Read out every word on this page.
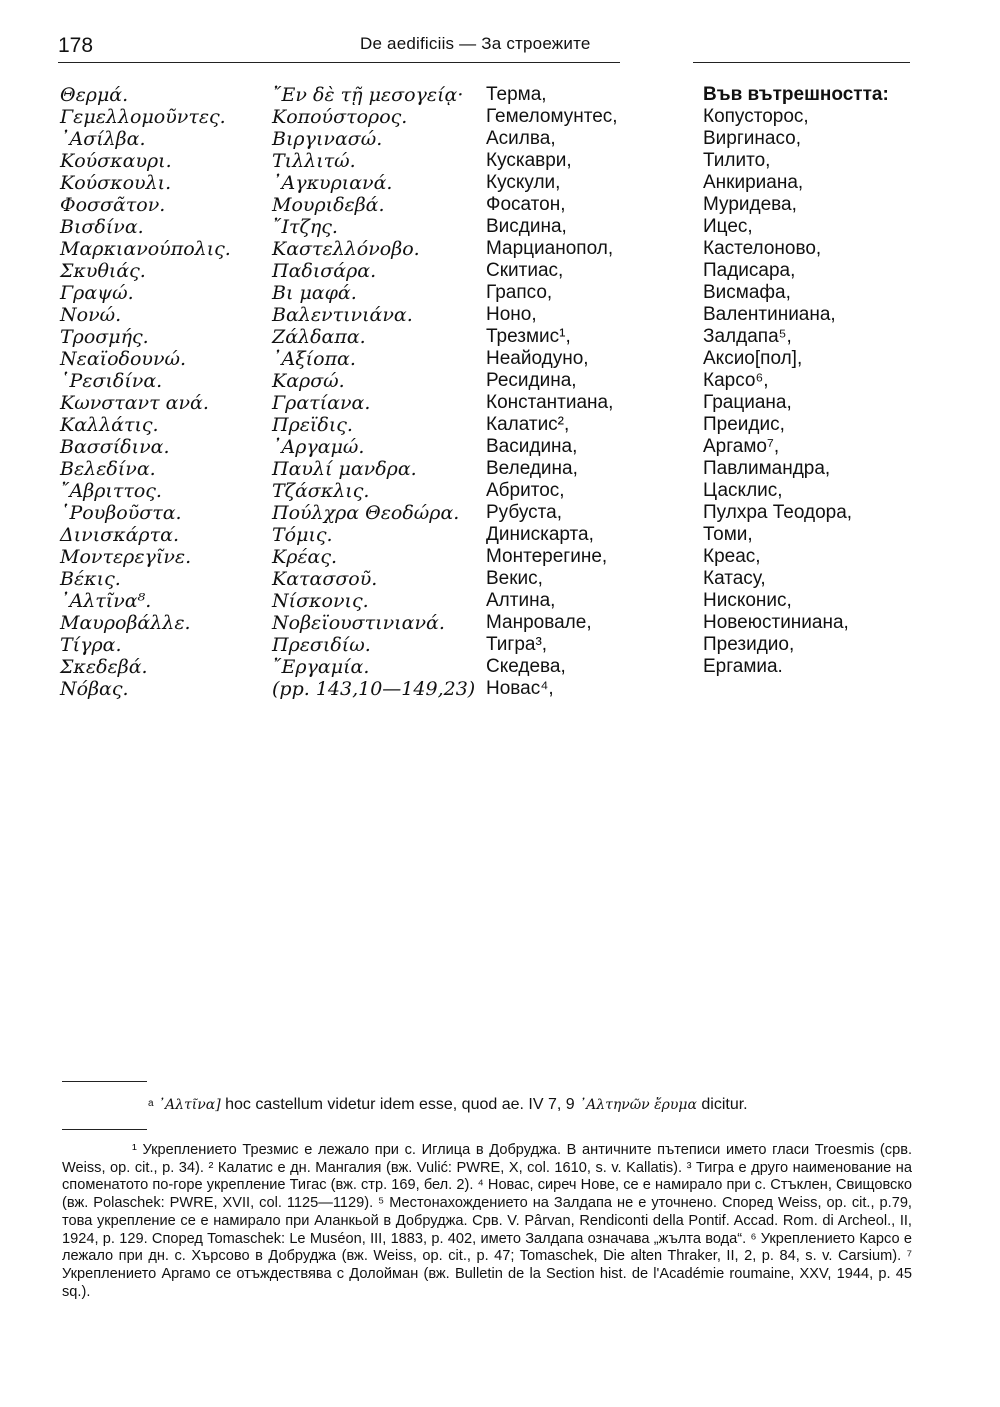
178	De aedificiis — За строежите
Θερμά.
Γεμελλομοῦντες.
᾿Ασίλβα.
Κούσκαυρι.
Κούσκουλι.
Φοσσᾶτον.
Βισδίνα.
Μαρκιανούπολις.
Σκυθιάς.
Γραψώ.
Νονώ.
Τροσμής.
Νεαϊοδουνώ.
῾Ρεσιδίνα.
Κωνσταντ ανά.
Καλλάτις.
Βασσίδινα.
Βελεδίνα.
῎Αβριττος.
῾Ρουβοῦστα.
Δινισκάρτα.
Μοντερεγῖνε.
Βέκις.
᾿Αλτῖνα⁸.
Μαυροβάλλε.
Τίγρα.
Σκεδεβά.
Νόβας.
῎Εν δὲ τῇ μεσογείᾳ·
Κοπούστορος.
Βιργινασώ.
Τιλλιτώ.
᾿Αγκυριανά.
Μουριδεβά.
῎Ιτζης.
Καστελλόνοβο.
Παδισάρα.
Βι μαφά.
Βαλεντινιάνα.
Ζάλδαπα.
᾿Αξίοπα.
Καρσώ.
Γρατίανα.
Πρεϊδις.
᾿Αργαμώ.
Παυλί μανδρα.
Τζάσκλις.
Πούλχρα Θεοδώρα.
Τόμις.
Κρέας.
Κατασσοῦ.
Νίσκονις.
Νοβεϊουστινιανά.
Πρεσιδίω.
῎Εργαμία.
(pp. 143,10—149,23)
Терма,
Гемеломунтес,
Асилва,
Кускаври,
Кускули,
Фосатон,
Висдина,
Марцианопол,
Скитиас,
Грапсо,
Ноно,
Трезмис¹,
Неайодуно,
Ресидина,
Константиана,
Калатис²,
Васидина,
Веледина,
Абритос,
Рубуста,
Динискарта,
Монтерегине,
Векис,
Алтина,
Манровале,
Тигра³,
Скедева,
Новас⁴,
Във вътрешността:
Копусторос,
Виргинасо,
Тилито,
Анкириана,
Муридева,
Ицес,
Кастелоново,
Падисара,
Висмафа,
Валентиниана,
Залдапа⁵,
Аксио[пол],
Карсо⁶,
Грациана,
Преидис,
Аргамо⁷,
Павлимандра,
Цасклис,
Пулхра Теодора,
Томи,
Креас,
Катасу,
Нисконис,
Новеюстиниана,
Президио,
Ергамиа.
a ᾿Αλτῖνα] hoc castellum videtur idem esse, quod ae. IV 7, 9 ᾿Αλτηνῶν ἔρυμα dicitur.

¹ Укреплението Трезмис е лежало при с. Иглица в Добруджа. В античните пътеписи името гласи Troesmis (срв. Weiss, op. cit., p. 34). ² Калатис е дн. Мангалия (вж. Vulić: PWRE, X, col. 1610, s. v. Kallatis). ³ Тигра е друго наименование на споменатото по-горе укрепление Тигас (вж. стр. 169, бел. 2). ⁴ Новас, сиреч Нове, се е намирало при с. Стъклен, Свищовско (вж. Polaschek: PWRE, XVII, col. 1125—1129). ⁵ Местонахождението на Залдапа не е уточнено. Според Weiss, op. cit., p.79, това укрепление се е намирало при Аланкьой в Добруджа. Срв. V. Pârvan, Rendiconti della Pontif. Accad. Rom. di Archeol., II, 1924, p. 129. Според Tomaschek: Le Muséon, III, 1883, p. 402, името Залдапа означава „жълта вода“. ⁶ Укреплението Карсо е лежало при дн. с. Хърсово в Добруджа (вж. Weiss, op. cit., p. 47; Tomaschek, Die alten Thraker, II, 2, p. 84, s. v. Carsium). ⁷ Укреплението Аргамо се отъждествява с Долойман (вж. Bulletin de la Section hist. de l'Académie roumaine, XXV, 1944, p. 45 sq.).
